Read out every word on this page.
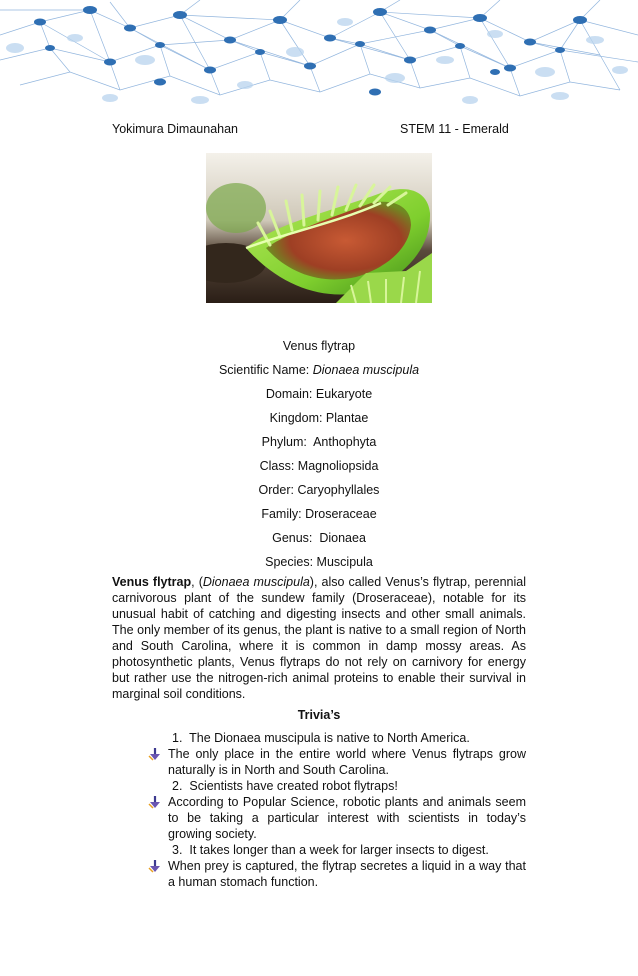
Yokimura Dimaunahan	STEM 11 - Emerald
Venus flytrap
Scientific Name: Dionaea muscipula
Domain: Eukaryote
Kingdom: Plantae
Phylum:  Anthophyta
Class: Magnoliopsida
Order: Caryophyllales
Family: Droseraceae
Genus:  Dionaea
Species: Muscipula

Venus flytrap, (Dionaea muscipula), also called Venus’s flytrap, perennial carnivorous plant of the sundew family (Droseraceae), notable for its unusual habit of catching and digesting insects and other small animals. The only member of its genus, the plant is native to a small region of North and South Carolina, where it is common in damp mossy areas. As photosynthetic plants, Venus flytraps do not rely on carnivory for energy but rather use the nitrogen-rich animal proteins to enable their survival in marginal soil conditions.

Trivia’s
1.  The Dionaea muscipula is native to North America.
The only place in the entire world where Venus flytraps grow naturally is in North and South Carolina.
2.  Scientists have created robot flytraps!
According to Popular Science, robotic plants and animals seem to be taking a particular interest with scientists in today’s growing society.
3.  It takes longer than a week for larger insects to digest.
When prey is captured, the flytrap secretes a liquid in a way that a human stomach function.
